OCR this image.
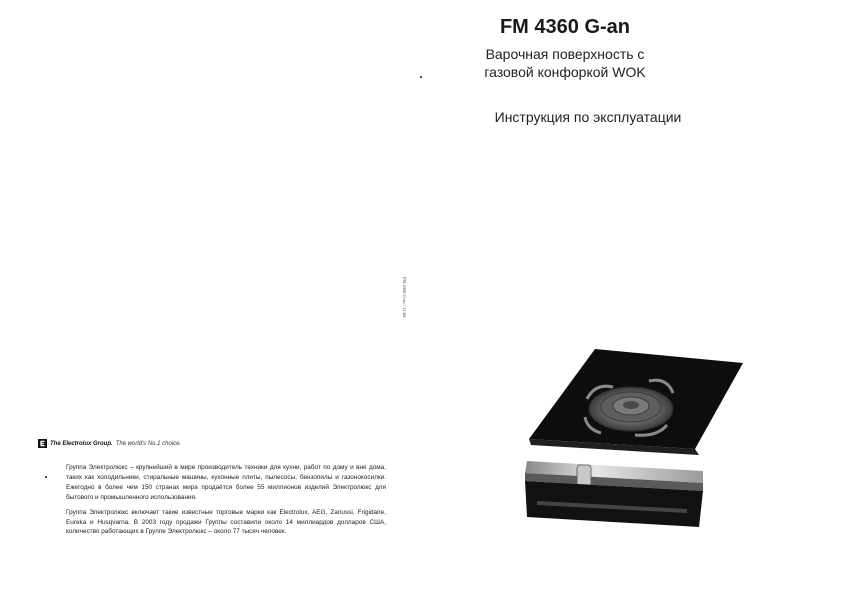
FM 4360 G-an / 11.04
The Electrolux Group. The world's No.1 choice.

Группа Электролюкс – крупнейший в мире производитель техники для кухни, работ по дому и вне дома, таких как холодильники, стиральные машины, кухонные плиты, пылесосы, бензопилы и газонокосилки. Ежегодно в более чем 150 странах мира продаётся более 55 миллионов изделий Электролюкс для бытового и промышленного использования.

Группа Электролюкс включает такие известные торговые марки как Electrolux, AEG, Zanussi, Frigidaire, Eureka и Husqvarna. В 2003 году продажи Группы составили около 14 миллиардов долларов США, количество работающих в Группе Электролюкс – около 77 тысяч человек.

FM 4360 G-an
Варочная поверхность с
газовой конфоркой WOK
Инструкция по эксплуатации
